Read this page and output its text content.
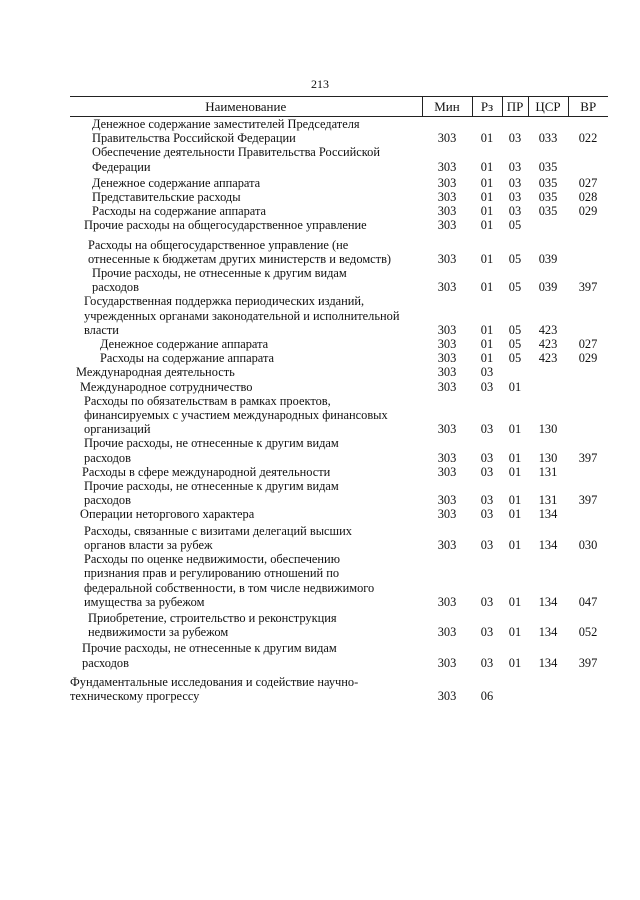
213
Наименование	Мин	Рз	ПР	ЦСР	ВР

Денежное содержание заместителей Председателя
Правительства Российской Федерации	303	01	03	033	022

Обеспечение деятельности Правительства Российской
Федерации	303	01	03	035	

Денежное содержание аппарата	303	01	03	035	027

Представительские расходы	303	01	03	035	028

Расходы на содержание аппарата	303	01	03	035	029

Прочие расходы на общегосударственное управление	303	01	05		

Расходы на общегосударственное управление (не
отнесенные к бюджетам других министерств и ведомств)	303	01	05	039	

Прочие расходы, не отнесенные к другим видам
расходов	303	01	05	039	397

Государственная поддержка периодических изданий,
учрежденных органами законодательной и исполнительной
власти	303	01	05	423	

Денежное содержание аппарата	303	01	05	423	027

Расходы на содержание аппарата	303	01	05	423	029

Международная деятельность	303	03			

Международное сотрудничество	303	03	01		

Расходы по обязательствам в рамках проектов,
финансируемых с участием международных финансовых
организаций	303	03	01	130	

Прочие расходы, не отнесенные к другим видам
расходов	303	03	01	130	397

Расходы в сфере международной деятельности	303	03	01	131	

Прочие расходы, не отнесенные к другим видам
расходов	303	03	01	131	397

Операции неторгового характера	303	03	01	134	

Расходы, связанные с визитами делегаций высших
органов власти за рубеж	303	03	01	134	030

Расходы по оценке недвижимости, обеспечению
признания прав и регулированию отношений по
федеральной собственности, в том числе недвижимого
имущества за рубежом	303	03	01	134	047

Приобретение, строительство и реконструкция
недвижимости за рубежом	303	03	01	134	052

Прочие расходы, не отнесенные к другим видам
расходов	303	03	01	134	397

Фундаментальные исследования и содействие научно-
техническому прогрессу	303	06			
